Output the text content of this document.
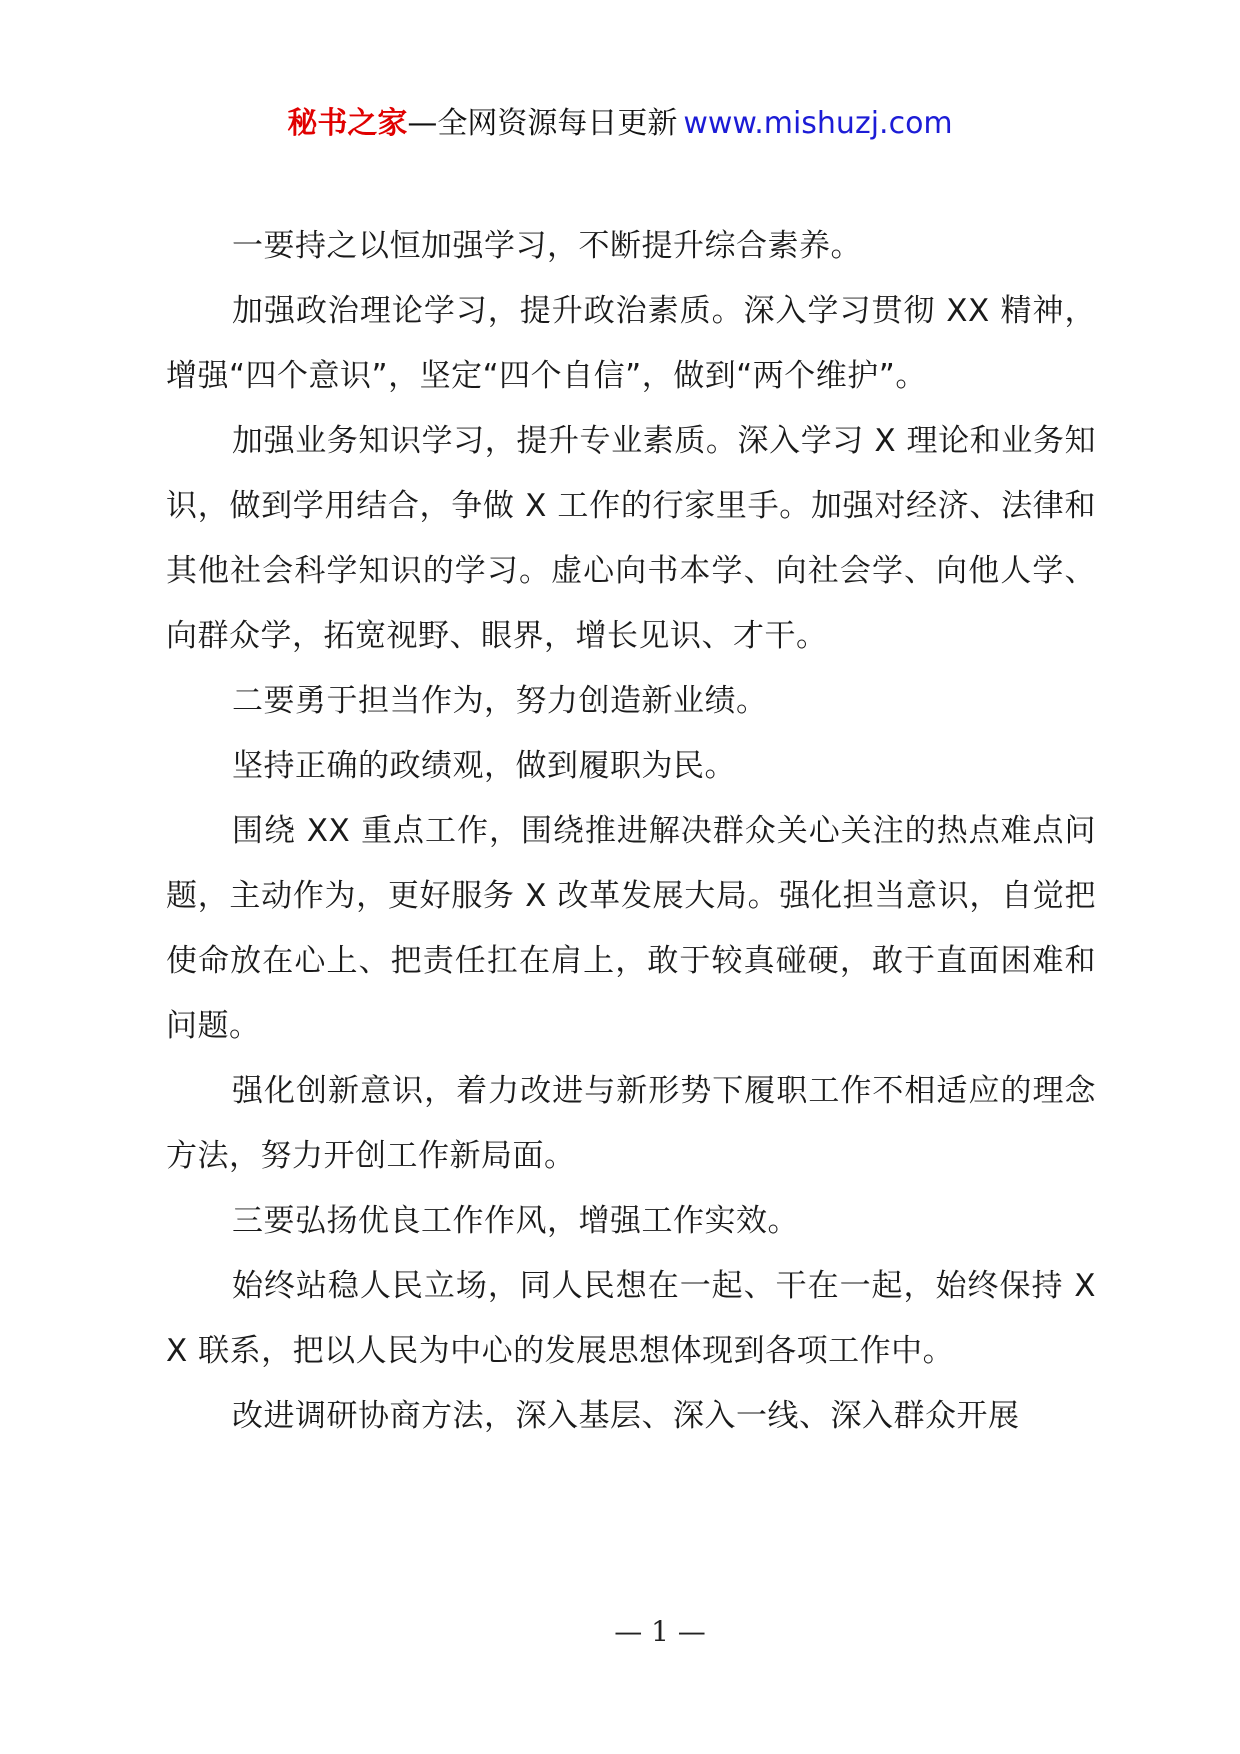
秘书之家—全网资源每日更新 www.mishuzj.com

一要持之以恒加强学习，不断提升综合素养。

加强政治理论学习，提升政治素质。深入学习贯彻 XX 精神，增强“四个意识”，坚定“四个自信”，做到“两个维护”。

加强业务知识学习，提升专业素质。深入学习 X 理论和业务知识，做到学用结合，争做 X 工作的行家里手。加强对经济、法律和其他社会科学知识的学习。虚心向书本学、向社会学、向他人学、向群众学，拓宽视野、眼界，增长见识、才干。

二要勇于担当作为，努力创造新业绩。

坚持正确的政绩观，做到履职为民。

围绕 XX 重点工作，围绕推进解决群众关心关注的热点难点问题，主动作为，更好服务 X 改革发展大局。强化担当意识，自觉把使命放在心上、把责任扛在肩上，敢于较真碰硬，敢于直面困难和问题。

强化创新意识，着力改进与新形势下履职工作不相适应的理念方法，努力开创工作新局面。

三要弘扬优良工作作风，增强工作实效。

始终站稳人民立场，同人民想在一起、干在一起，始终保持 XX 联系，把以人民为中心的发展思想体现到各项工作中。

改进调研协商方法，深入基层、深入一线、深入群众开展

— 1 —
